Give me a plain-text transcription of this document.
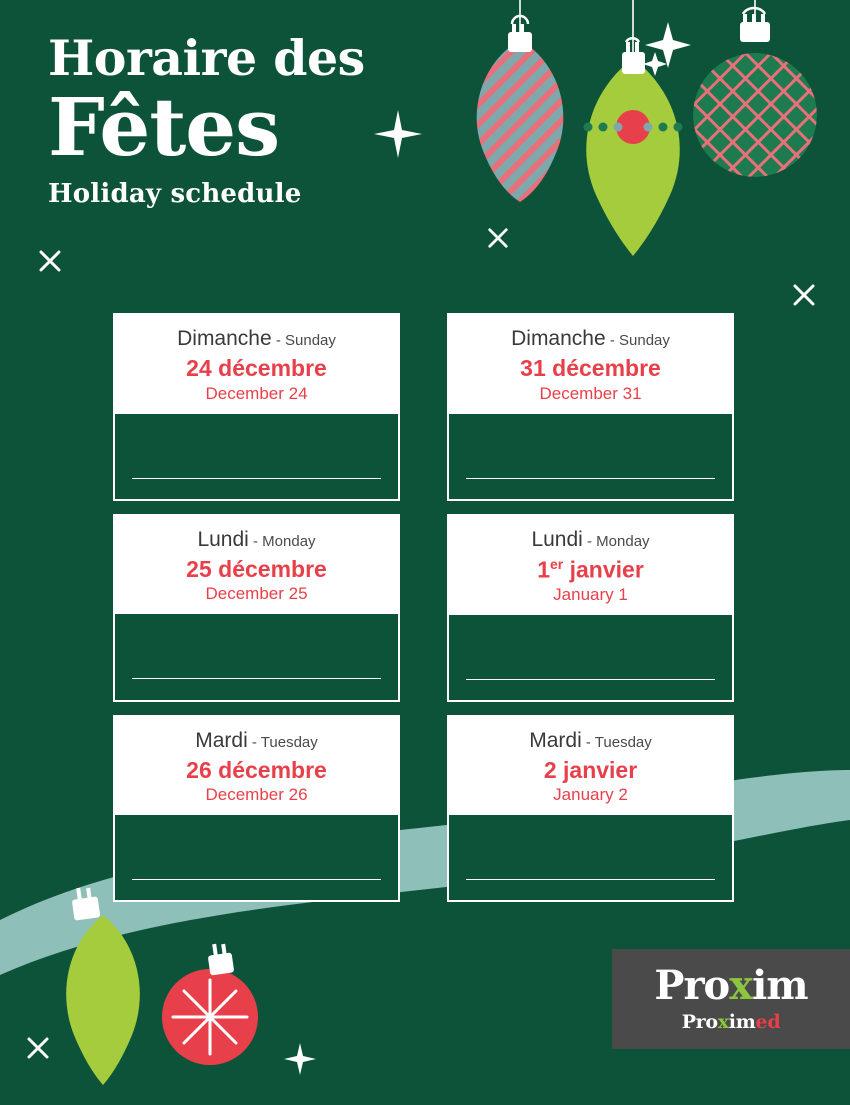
Horaire des
Fêtes
Holiday schedule
Dimanche - Sunday
24 décembre
December 24
Dimanche - Sunday
31 décembre
December 31
Lundi - Monday
25 décembre
December 25
Lundi - Monday
1er janvier
January 1
Mardi - Tuesday
26 décembre
December 26
Mardi - Tuesday
2 janvier
January 2
Proxim
Proximed
